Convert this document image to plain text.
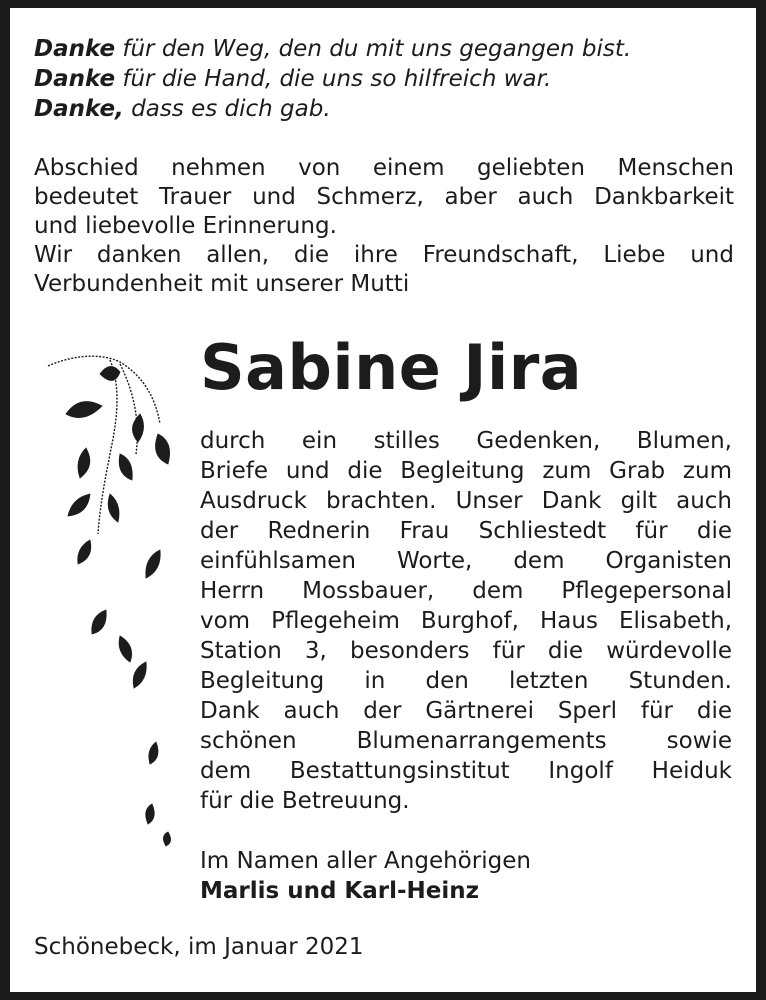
Danke für den Weg, den du mit uns gegangen bist.
Danke für die Hand, die uns so hilfreich war.
Danke, dass es dich gab.

Abschied nehmen von einem geliebten Menschen

bedeutet Trauer und Schmerz, aber auch Dankbarkeit

und liebevolle Erinnerung.

Wir danken allen, die ihre Freundschaft, Liebe und

Verbundenheit mit unserer Mutti

Sabine Jira
durch ein stilles Gedenken, Blumen,
Briefe und die Begleitung zum Grab zum
Ausdruck brachten. Unser Dank gilt auch
der Rednerin Frau Schliestedt für die
einfühlsamen Worte, dem Organisten
Herrn Mossbauer, dem Pflegepersonal
vom Pflegeheim Burghof, Haus Elisabeth,
Station 3, besonders für die würdevolle
Begleitung in den letzten Stunden.
Dank auch der Gärtnerei Sperl für die
schönen Blumenarrangements sowie
dem Bestattungsinstitut Ingolf Heiduk
für die Betreuung.
Im Namen aller Angehörigen
Marlis und Karl-Heinz
Schönebeck, im Januar 2021
